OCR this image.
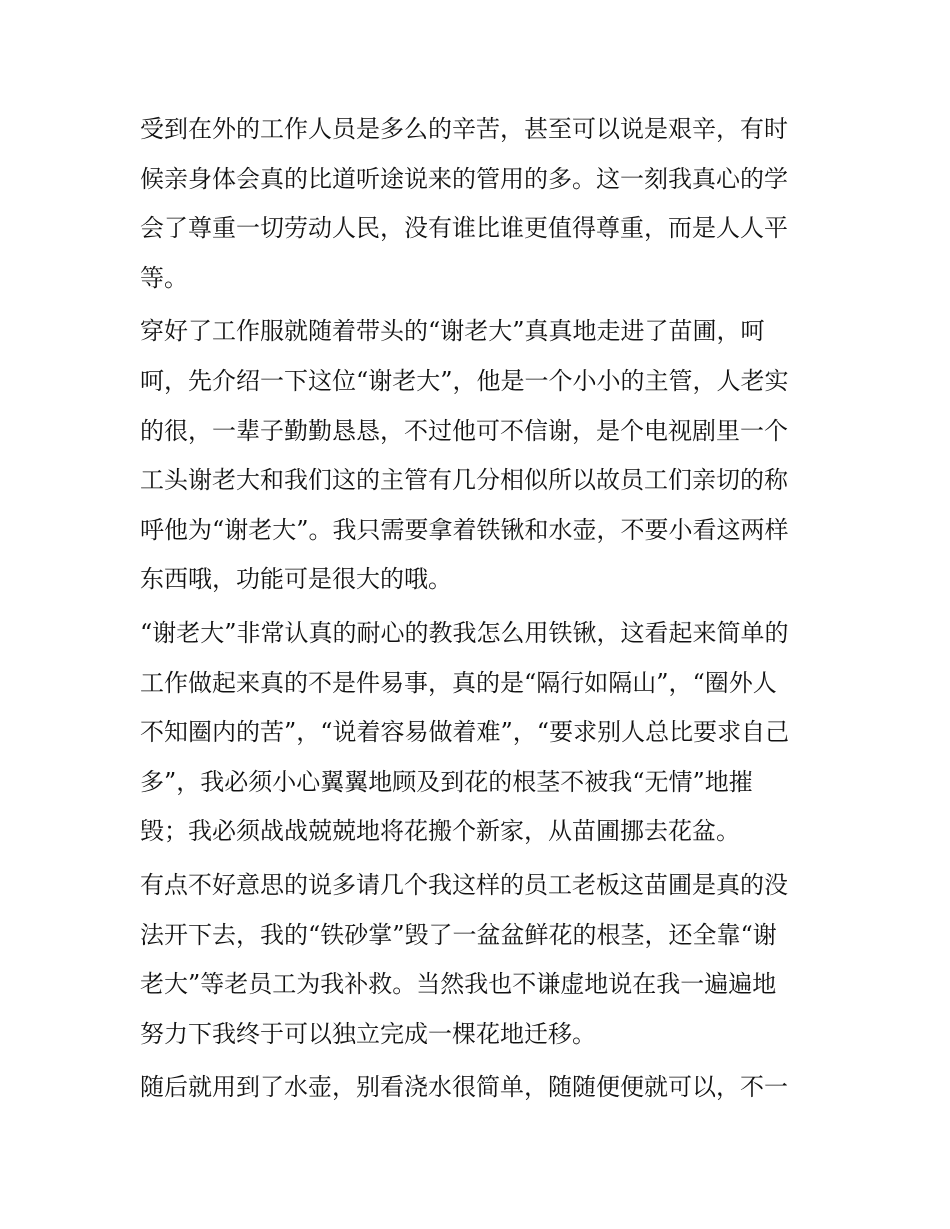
受到在外的工作人员是多么的辛苦，甚至可以说是艰辛，有时
候亲身体会真的比道听途说来的管用的多。这一刻我真心的学
会了尊重一切劳动人民，没有谁比谁更值得尊重，而是人人平
等。
穿好了工作服就随着带头的“谢老大”真真地走进了苗圃，呵
呵，先介绍一下这位“谢老大”，他是一个小小的主管，人老实
的很，一辈子勤勤恳恳，不过他可不信谢，是个电视剧里一个
工头谢老大和我们这的主管有几分相似所以故员工们亲切的称
呼他为“谢老大”。我只需要拿着铁锹和水壶，不要小看这两样
东西哦，功能可是很大的哦。
“谢老大”非常认真的耐心的教我怎么用铁锹，这看起来简单的
工作做起来真的不是件易事，真的是“隔行如隔山”，“圈外人
不知圈内的苦”，“说着容易做着难”，“要求别人总比要求自己
多”，我必须小心翼翼地顾及到花的根茎不被我“无情”地摧
毁；我必须战战兢兢地将花搬个新家，从苗圃挪去花盆。
有点不好意思的说多请几个我这样的员工老板这苗圃是真的没
法开下去，我的“铁砂掌”毁了一盆盆鲜花的根茎，还全靠“谢
老大”等老员工为我补救。当然我也不谦虚地说在我一遍遍地
努力下我终于可以独立完成一棵花地迁移。
随后就用到了水壶，别看浇水很简单，随随便便就可以，不一
